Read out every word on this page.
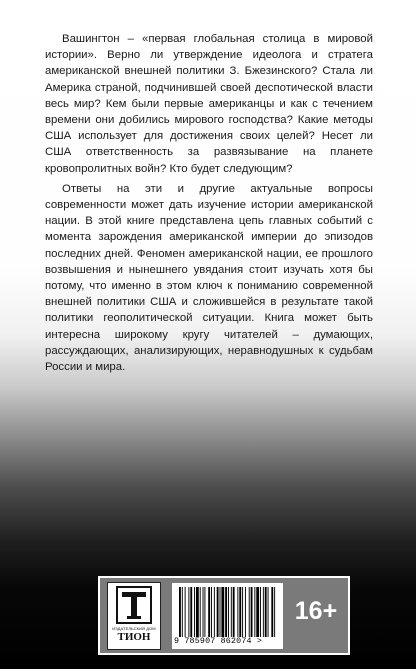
Вашингтон – «первая глобальная столица в мировой истории». Верно ли утверждение идеолога и стратега американской внешней политики З. Бжезинского? Стала ли Америка страной, подчинившей своей деспотической власти весь мир? Кем были первые американцы и как с течением времени они добились мирового господства? Какие методы США использует для достижения своих целей? Несет ли США ответственность за развязывание на планете кровопролитных войн? Кто будет следующим?

Ответы на эти и другие актуальные вопросы современности может дать изучение истории американской нации. В этой книге представлена цепь главных событий с момента зарождения американской империи до эпизодов последних дней. Феномен американской нации, ее прошлого возвышения и нынешнего увядания стоит изучать хотя бы потому, что именно в этом ключ к пониманию современной внешней политики США и сложившейся в результате такой политики геополитической ситуации. Книга может быть интересна широкому кругу читателей – думающих, рассуждающих, анализирующих, неравнодушных к судьбам России и мира.

ИЗДАТЕЛЬСКИЙ ДОМ
ТИОН	9 785907 862074 >
16+
